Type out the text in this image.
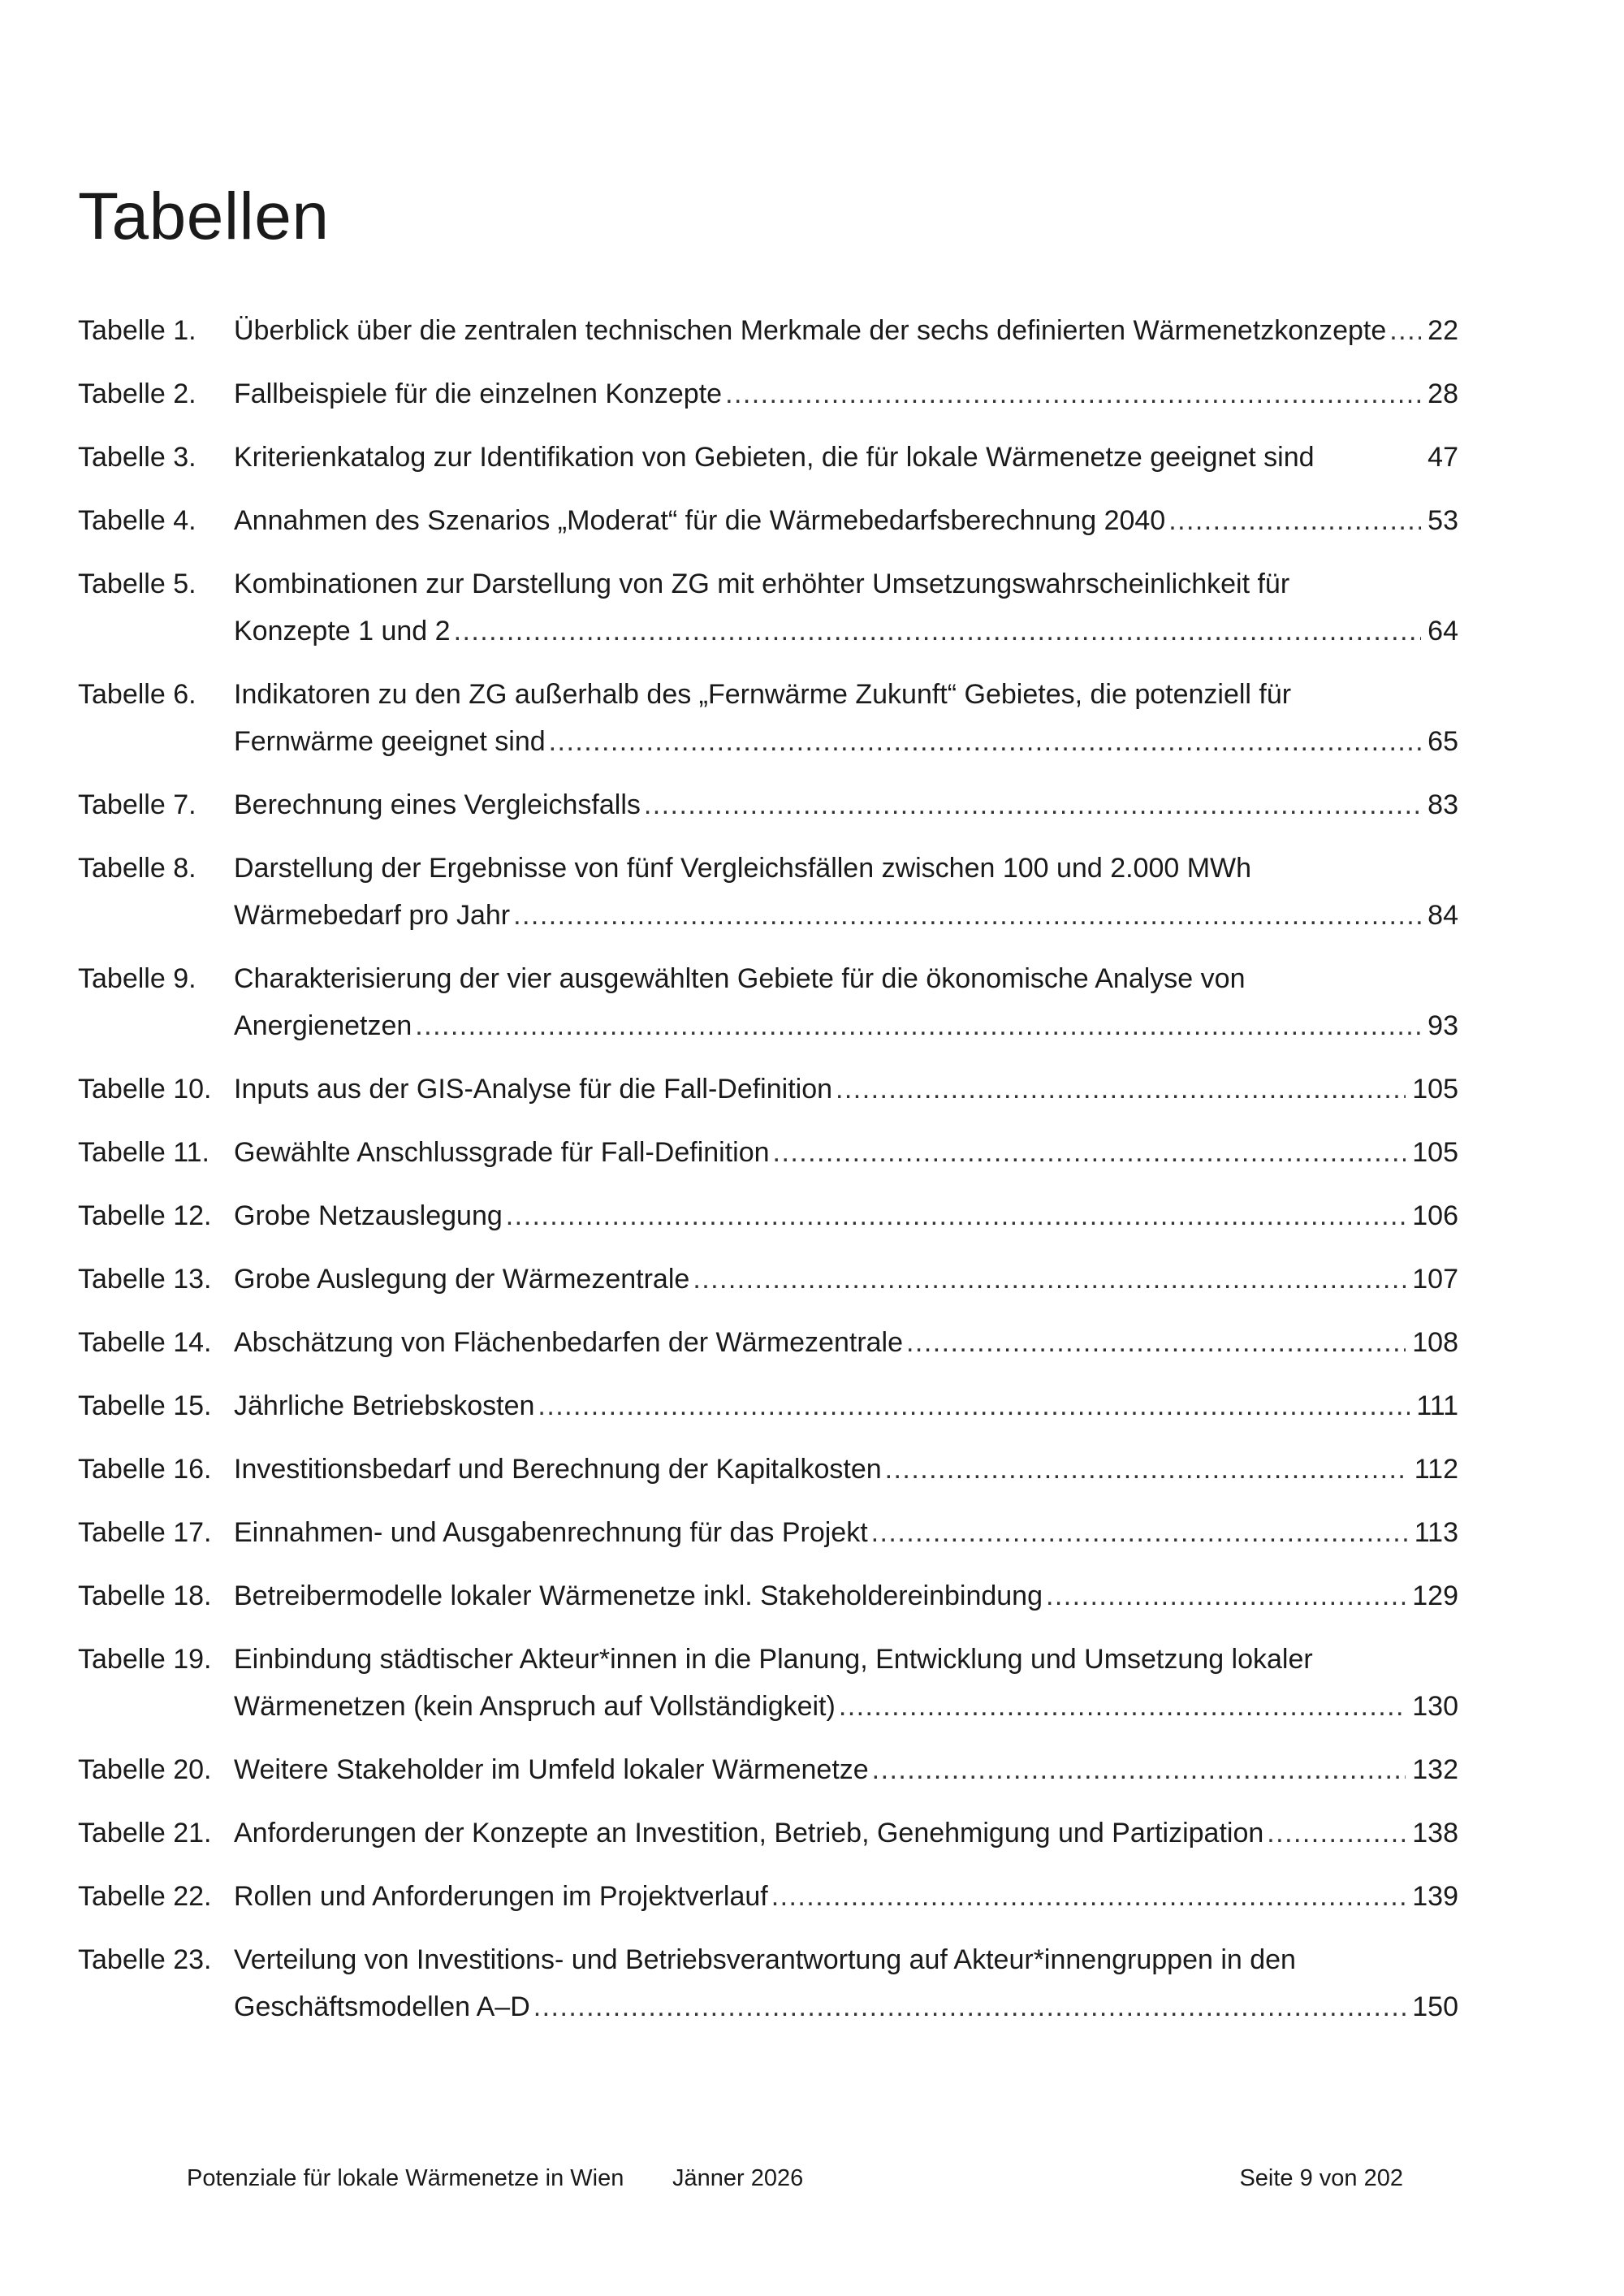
Tabellen
Tabelle 1.	Überblick über die zentralen technischen Merkmale der sechs definierten Wärmenetzkonzepte . . . 22
Tabelle 2.	Fallbeispiele für die einzelnen Konzepte . . .	28
Tabelle 3.	Kriterienkatalog zur Identifikation von Gebieten, die für lokale Wärmenetze geeignet sind	47
Tabelle 4.	Annahmen des Szenarios „Moderat“ für die Wärmebedarfsberechnung 2040 . . .	53
Tabelle 5.	Kombinationen zur Darstellung von ZG mit erhöhter Umsetzungswahrscheinlichkeit für Konzepte 1 und 2 . . .	64
Tabelle 6.	Indikatoren zu den ZG außerhalb des „Fernwärme Zukunft“ Gebietes, die potenziell für Fernwärme geeignet sind . . .	65
Tabelle 7.	Berechnung eines Vergleichsfalls . . .	83
Tabelle 8.	Darstellung der Ergebnisse von fünf Vergleichsfällen zwischen 100 und 2.000 MWh Wärmebedarf pro Jahr . . .	84
Tabelle 9.	Charakterisierung der vier ausgewählten Gebiete für die ökonomische Analyse von Anergienetzen . . .	93
Tabelle 10. Inputs aus der GIS-Analyse für die Fall-Definition . . .	105
Tabelle 11. Gewählte Anschlussgrade für Fall-Definition . . .	105
Tabelle 12. Grobe Netzauslegung . . .	106
Tabelle 13. Grobe Auslegung der Wärmezentrale . . .	107
Tabelle 14. Abschätzung von Flächenbedarfen der Wärmezentrale . . .	108
Tabelle 15. Jährliche Betriebskosten . . .	111
Tabelle 16. Investitionsbedarf und Berechnung der Kapitalkosten . . .	112
Tabelle 17. Einnahmen- und Ausgabenrechnung für das Projekt . . .	113
Tabelle 18. Betreibermodelle lokaler Wärmenetze inkl. Stakeholdereinbindung . . .	129
Tabelle 19. Einbindung städtischer Akteur*innen in die Planung, Entwicklung und Umsetzung lokaler Wärmenetzen (kein Anspruch auf Vollständigkeit) . . .	130
Tabelle 20. Weitere Stakeholder im Umfeld lokaler Wärmenetze . . .	132
Tabelle 21. Anforderungen der Konzepte an Investition, Betrieb, Genehmigung und Partizipation . . .	138
Tabelle 22. Rollen und Anforderungen im Projektverlauf . . .	139
Tabelle 23. Verteilung von Investitions- und Betriebsverantwortung auf Akteur*innengruppen in den Geschäftsmodellen A–D . . .	150
Potenziale für lokale Wärmenetze in Wien Jänner 2026	Seite 9 von 202
